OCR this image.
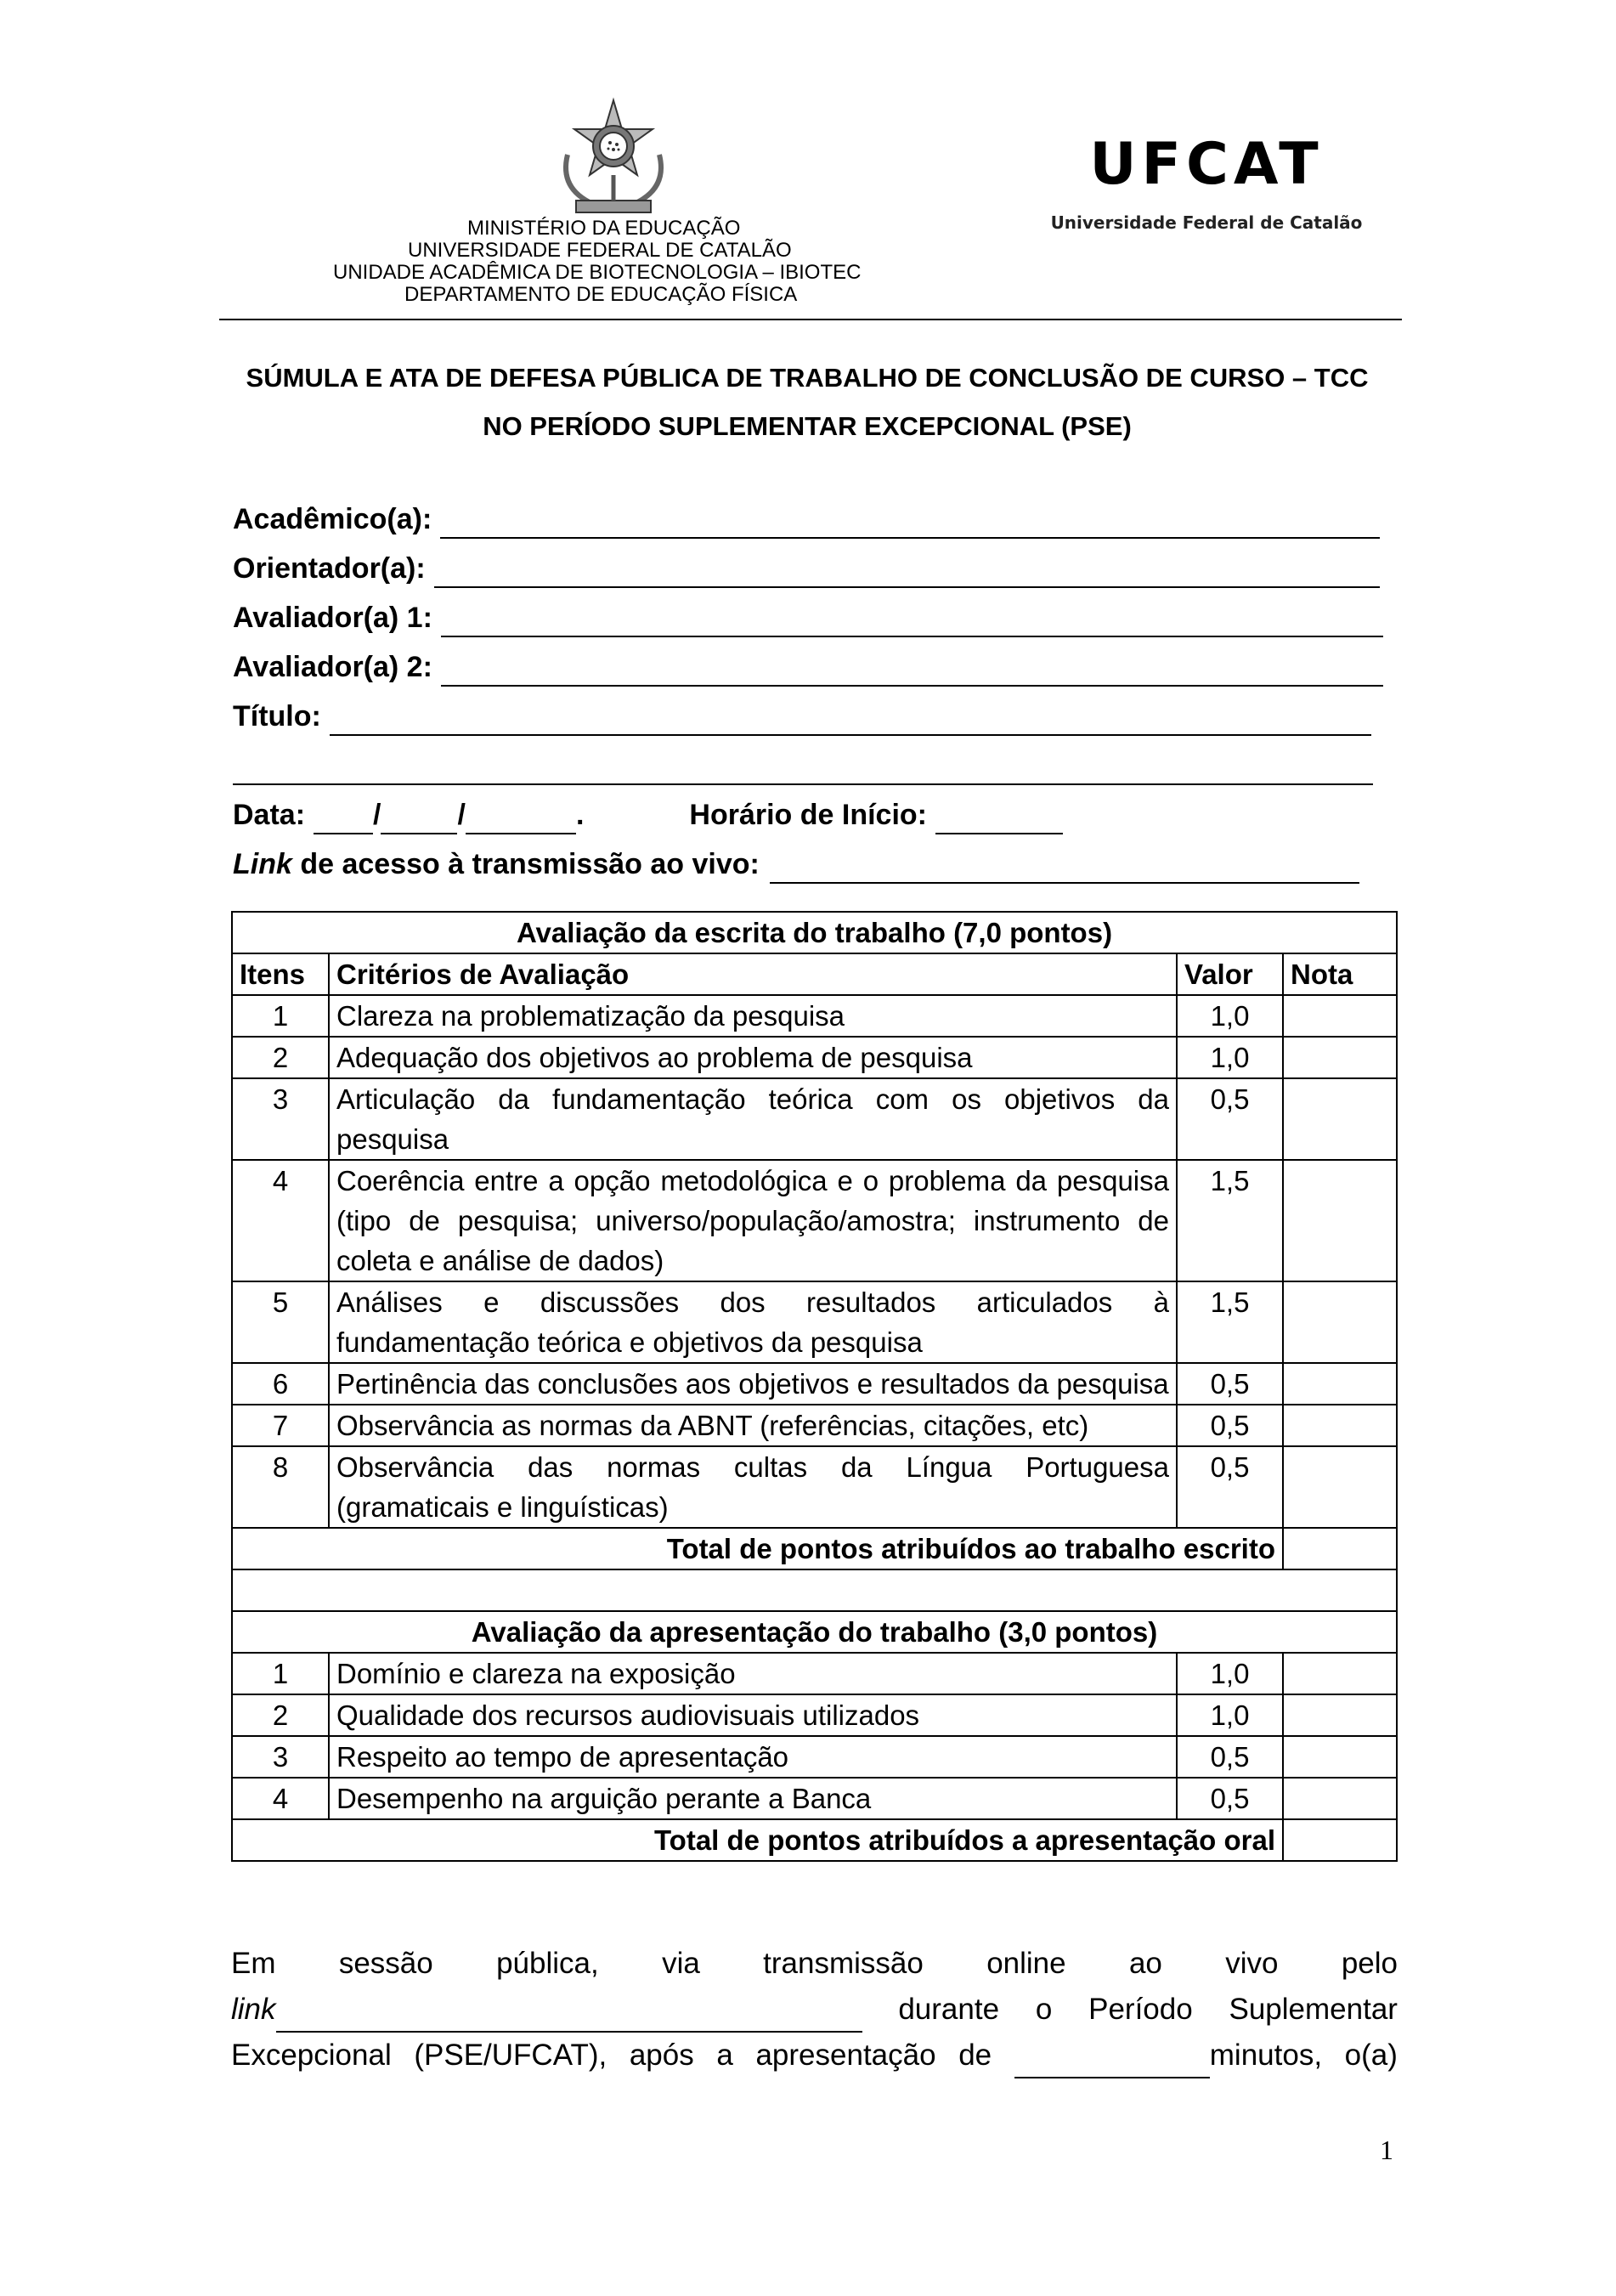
MINISTÉRIO DA EDUCAÇÃO
UNIVERSIDADE FEDERAL DE CATALÃO
UNIDADE ACADÊMICA DE BIOTECNOLOGIA – IBIOTEC
DEPARTAMENTO DE EDUCAÇÃO FÍSICA
UFCAT
Universidade Federal de Catalão
SÚMULA E ATA DE DEFESA PÚBLICA DE TRABALHO DE CONCLUSÃO DE CURSO – TCC
NO PERÍODO SUPLEMENTAR EXCEPCIONAL (PSE)
Acadêmico(a):
Orientador(a):
Avaliador(a) 1:
Avaliador(a) 2:
Título:
Data: /	/	.	Horário de Início:
Link de acesso à transmissão ao vivo:
Avaliação da escrita do trabalho (7,0 pontos)			
Itens	Critérios de Avaliação	Valor	Nota
1	Clareza na problematização da pesquisa	1,0	
2	Adequação dos objetivos ao problema de pesquisa	1,0	
3	Articulação da fundamentação teórica com os objetivos da pesquisa	0,5	
4	Coerência entre a opção metodológica e o problema da pesquisa (tipo de pesquisa; universo/população/amostra; instrumento de coleta e análise de dados)	1,5	
5	Análises e discussões dos resultados articulados à fundamentação teórica e objetivos da pesquisa	1,5	
6	Pertinência das conclusões aos objetivos e resultados da pesquisa	0,5	
7	Observância as normas da ABNT (referências, citações, etc)	0,5	
8	Observância das normas cultas da Língua Portuguesa (gramaticais e linguísticas)	0,5	
Total de pontos atribuídos ao trabalho escrito			

Avaliação da apresentação do trabalho (3,0 pontos)			
1	Domínio e clareza na exposição	1,0	
2	Qualidade dos recursos audiovisuais utilizados	1,0	
3	Respeito ao tempo de apresentação	0,5	
4	Desempenho na arguição perante a Banca	0,5	
Total de pontos atribuídos a apresentação oral			
Em sessão pública, via transmissão online ao vivo pelo
link	durante o Período Suplementar
Excepcional (PSE/UFCAT), após a apresentação de	minutos, o(a)
1
